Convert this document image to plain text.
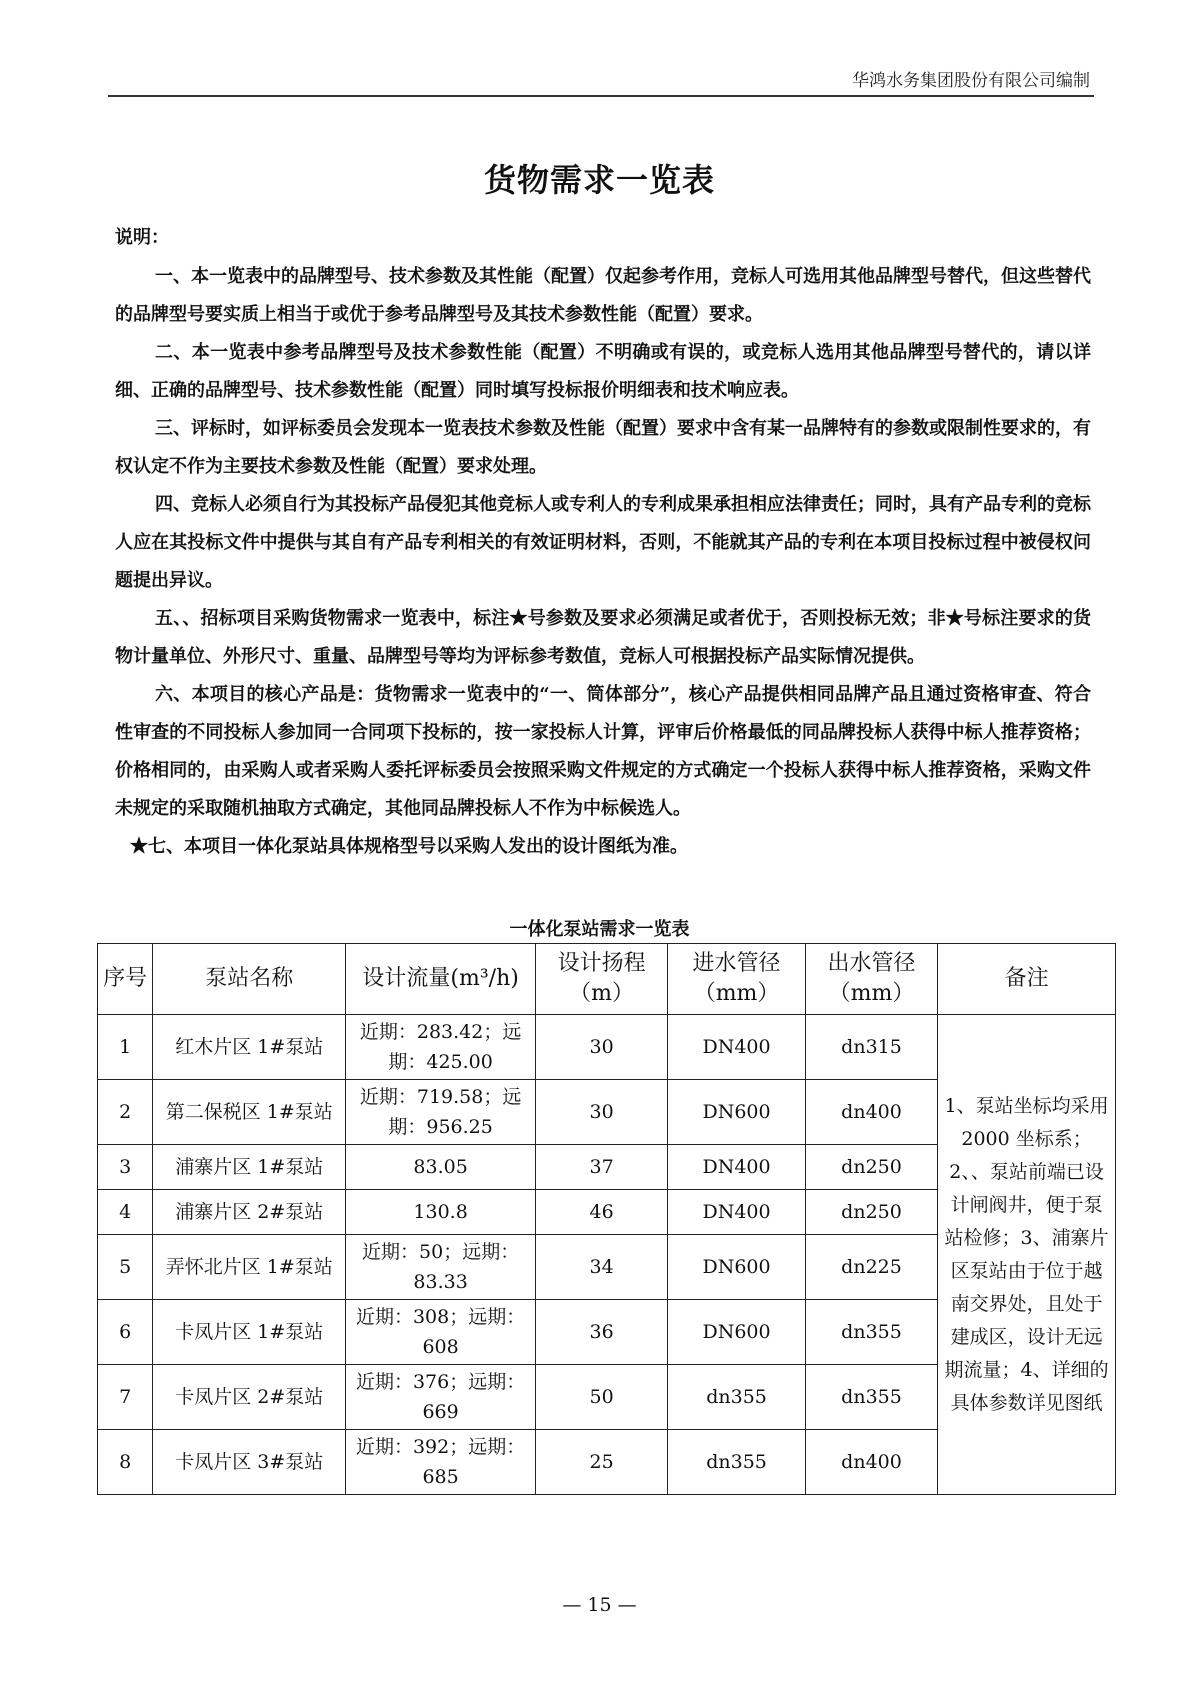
华鸿水务集团股份有限公司编制
货物需求一览表
说明：

一、本一览表中的品牌型号、技术参数及其性能（配置）仅起参考作用，竞标人可选用其他品牌型号替代，但这些替代的品牌型号要实质上相当于或优于参考品牌型号及其技术参数性能（配置）要求。

二、本一览表中参考品牌型号及技术参数性能（配置）不明确或有误的，或竞标人选用其他品牌型号替代的，请以详细、正确的品牌型号、技术参数性能（配置）同时填写投标报价明细表和技术响应表。

三、评标时，如评标委员会发现本一览表技术参数及性能（配置）要求中含有某一品牌特有的参数或限制性要求的，有权认定不作为主要技术参数及性能（配置）要求处理。

四、竞标人必须自行为其投标产品侵犯其他竞标人或专利人的专利成果承担相应法律责任；同时，具有产品专利的竞标人应在其投标文件中提供与其自有产品专利相关的有效证明材料，否则，不能就其产品的专利在本项目投标过程中被侵权问题提出异议。

五、、招标项目采购货物需求一览表中，标注★号参数及要求必须满足或者优于，否则投标无效；非★号标注要求的货物计量单位、外形尺寸、重量、品牌型号等均为评标参考数值，竞标人可根据投标产品实际情况提供。

六、本项目的核心产品是：货物需求一览表中的“一、筒体部分”，核心产品提供相同品牌产品且通过资格审查、符合性审查的不同投标人参加同一合同项下投标的，按一家投标人计算，评审后价格最低的同品牌投标人获得中标人推荐资格；价格相同的，由采购人或者采购人委托评标委员会按照采购文件规定的方式确定一个投标人获得中标人推荐资格，采购文件未规定的采取随机抽取方式确定，其他同品牌投标人不作为中标候选人。

★七、本项目一体化泵站具体规格型号以采购人发出的设计图纸为准。

一体化泵站需求一览表
序号	泵站名称	设计流量(m³/h)	设计扬程（m）	进水管径（mm）	出水管径（mm）	备注
1	红木片区 1#泵站	近期：283.42；远期：425.00	30	DN400	dn315	1、泵站坐标均采用 2000 坐标系；2、、泵站前端已设计闸阀井，便于泵站检修；3、浦寨片区泵站由于位于越南交界处，且处于建成区，设计无远期流量；4、详细的具体参数详见图纸
2	第二保税区 1#泵站	近期：719.58；远期：956.25	30	DN600	dn400	
3	浦寨片区 1#泵站	83.05	37	DN400	dn250	
4	浦寨片区 2#泵站	130.8	46	DN400	dn250	
5	弄怀北片区 1#泵站	近期：50；远期：83.33	34	DN600	dn225	
6	卡凤片区 1#泵站	近期：308；远期：608	36	DN600	dn355	
7	卡凤片区 2#泵站	近期：376；远期：669	50	dn355	dn355	
8	卡凤片区 3#泵站	近期：392；远期：685	25	dn355	dn400	
— 15 —
